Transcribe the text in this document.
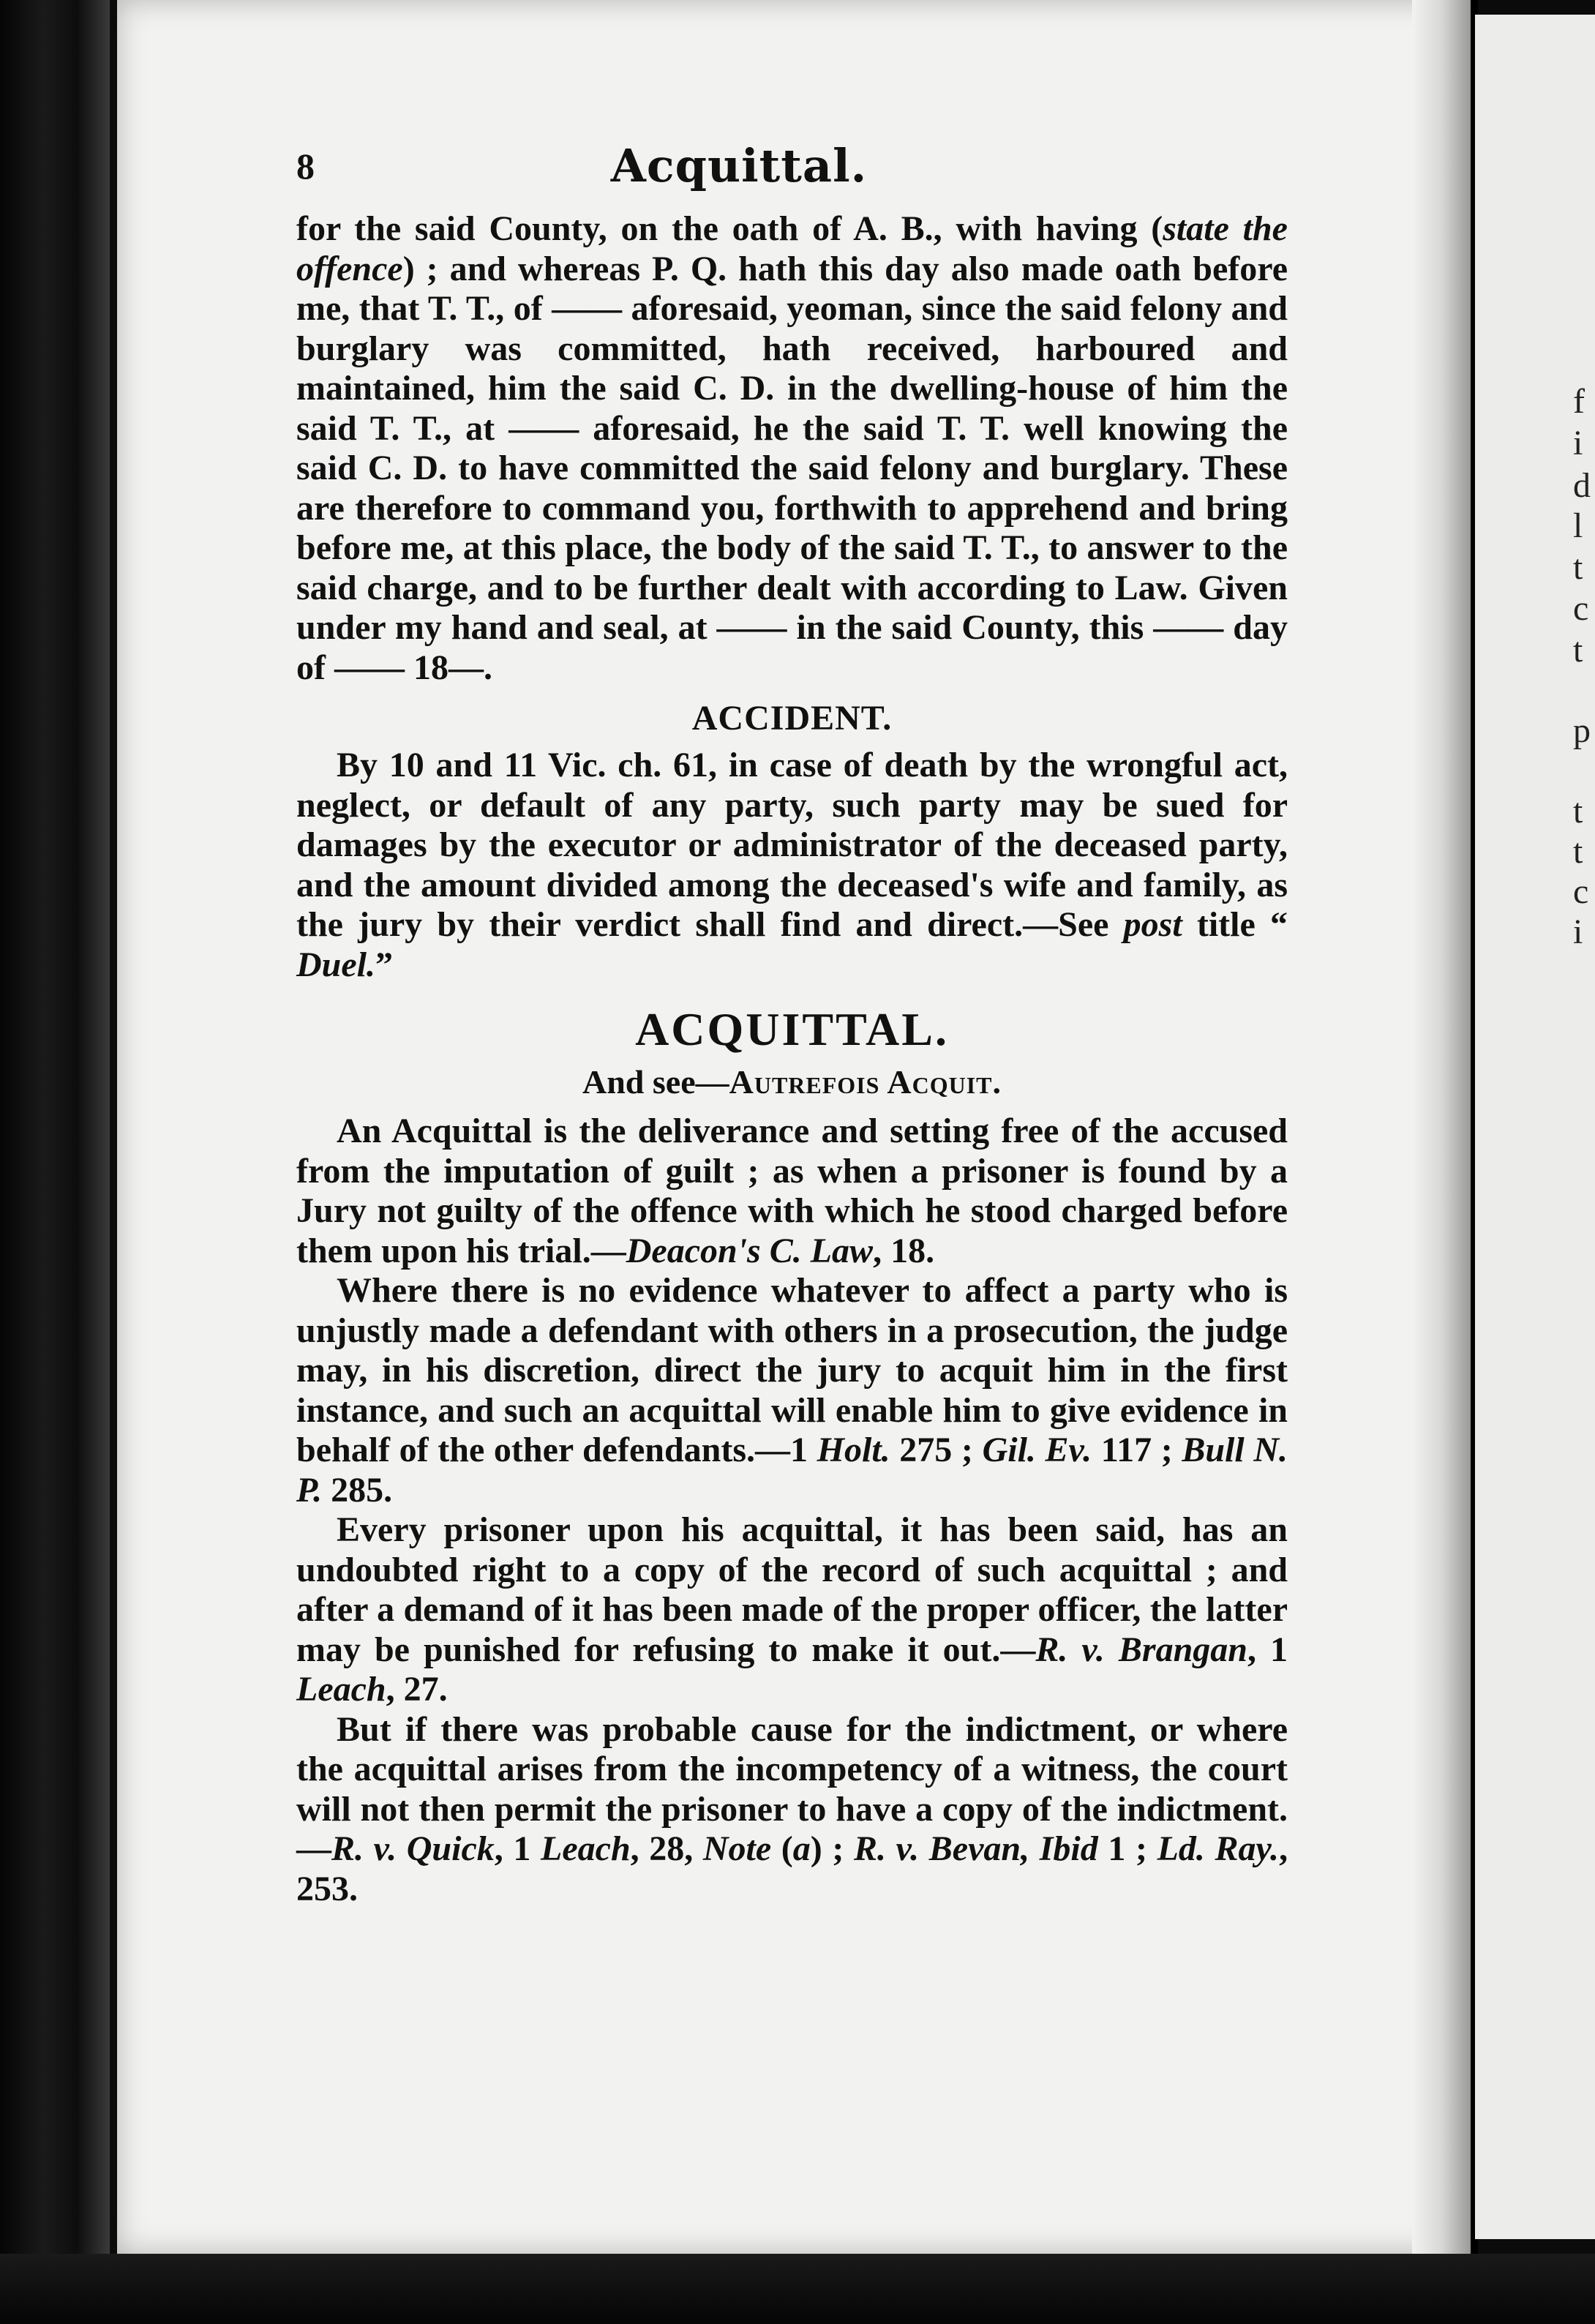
f
i
d
l
t
c
t
p
t
t
c
i
8	Acquittal.

for the said County, on the oath of A. B., with having (state the offence) ; and whereas P. Q. hath this day also made oath before me, that T. T., of —— aforesaid, yeoman, since the said felony and burglary was committed, hath received, harboured and maintained, him the said C. D. in the dwelling-house of him the said T. T., at —— aforesaid, he the said T. T. well knowing the said C. D. to have committed the said felony and burglary. These are therefore to command you, forthwith to apprehend and bring before me, at this place, the body of the said T. T., to answer to the said charge, and to be further dealt with according to Law. Given under my hand and seal, at —— in the said County, this —— day of —— 18—.

ACCIDENT.

By 10 and 11 Vic. ch. 61, in case of death by the wrongful act, neglect, or default of any party, such party may be sued for damages by the executor or administrator of the deceased party, and the amount divided among the deceased's wife and family, as the jury by their verdict shall find and direct.—See post title “ Duel.”

ACQUITTAL.
And see—Autrefois Acquit.

An Acquittal is the deliverance and setting free of the accused from the imputation of guilt ; as when a prisoner is found by a Jury not guilty of the offence with which he stood charged before them upon his trial.—Deacon's C. Law, 18.

Where there is no evidence whatever to affect a party who is unjustly made a defendant with others in a prosecution, the judge may, in his discretion, direct the jury to acquit him in the first instance, and such an acquittal will enable him to give evidence in behalf of the other defendants.—1 Holt. 275 ; Gil. Ev. 117 ; Bull N. P. 285.

Every prisoner upon his acquittal, it has been said, has an undoubted right to a copy of the record of such acquittal ; and after a demand of it has been made of the proper officer, the latter may be punished for refusing to make it out.—R. v. Brangan, 1 Leach, 27.

But if there was probable cause for the indictment, or where the acquittal arises from the incompetency of a witness, the court will not then permit the prisoner to have a copy of the indictment.—R. v. Quick, 1 Leach, 28, Note (a) ; R. v. Bevan, Ibid 1 ; Ld. Ray., 253.
